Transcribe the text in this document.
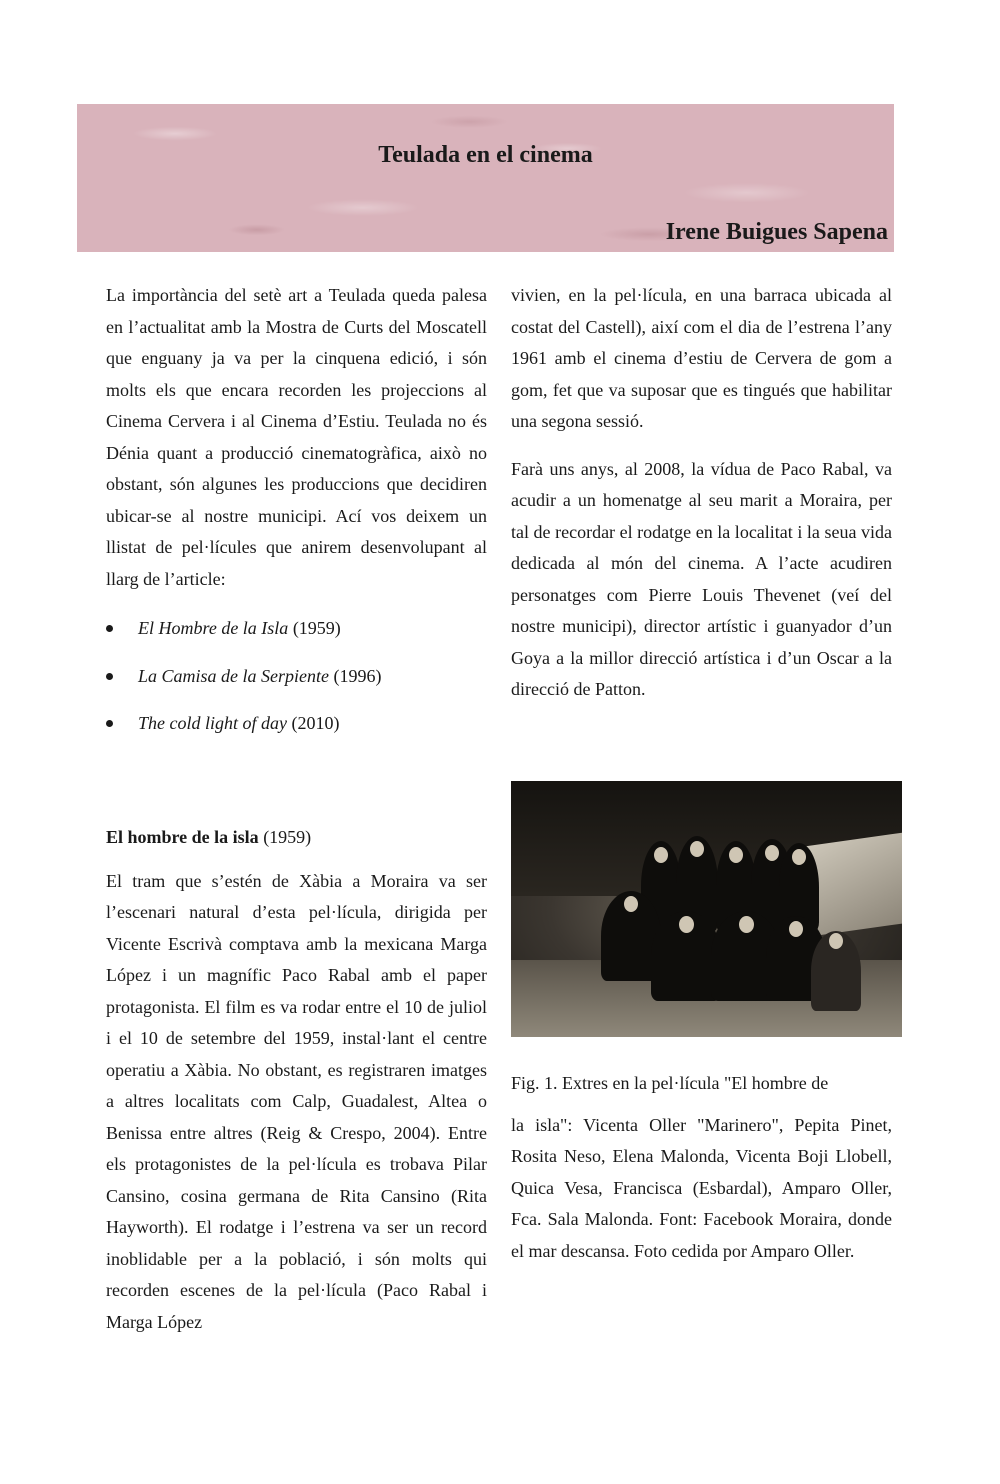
Teulada en el cinema
Irene Buigues Sapena

La importància del setè art a Teulada queda palesa en l’actualitat amb la Mostra de Curts del Moscatell que enguany ja va per la cinquena edició, i són molts els que encara recorden les projeccions al Cinema Cervera i al Cinema d’Estiu. Teulada no és Dénia quant a producció cinematogràfica, això no obstant, són algunes les produccions que decidiren ubicar-se al nostre municipi. Ací vos deixem un llistat de pel·lícules que anirem desenvolupant al llarg de l’article:

El Hombre de la Isla (1959)
La Camisa de la Serpiente (1996)
The cold light of day (2010)

vivien, en la pel·lícula, en una barraca ubicada al costat del Castell), així com el dia de l’estrena l’any 1961 amb el cinema d’estiu de Cervera de gom a gom, fet que va suposar que es tingués que habilitar una segona sessió.

Farà uns anys, al 2008, la vídua de Paco Rabal, va acudir a un homenatge al seu marit a Moraira, per tal de recordar el rodatge en la localitat i la seua vida dedicada al món del cinema. A l’acte acudiren personatges com Pierre Louis Thevenet (veí del nostre municipi), director artístic i guanyador d’un Goya a la millor direcció artística i d’un Oscar a la direcció de Patton.

El hombre de la isla (1959)

El tram que s’estén de Xàbia a Moraira va ser l’escenari natural d’esta pel·lícula, dirigida per Vicente Escrivà comptava amb la mexicana Marga López i un magnífic Paco Rabal amb el paper protagonista. El film es va rodar entre el 10 de juliol i el 10 de setembre del 1959, instal·lant el centre operatiu a Xàbia. No obstant, es registraren imatges a altres localitats com Calp, Guadalest, Altea o Benissa entre altres (Reig & Crespo, 2004). Entre els protagonistes de la pel·lícula es trobava Pilar Cansino, cosina germana de Rita Cansino (Rita Hayworth). El rodatge i l’estrena va ser un record inoblidable per a la població, i són molts qui recorden escenes de la pel·lícula (Paco Rabal i Marga López

Fig. 1. Extres en la pel·lícula "El hombre de

la isla": Vicenta Oller "Marinero", Pepita Pinet, Rosita Neso, Elena Malonda, Vicenta Boji Llobell, Quica Vesa, Francisca (Esbardal), Amparo Oller, Fca. Sala Malonda. Font: Facebook Moraira, donde el mar descansa. Foto cedida por Amparo Oller.
